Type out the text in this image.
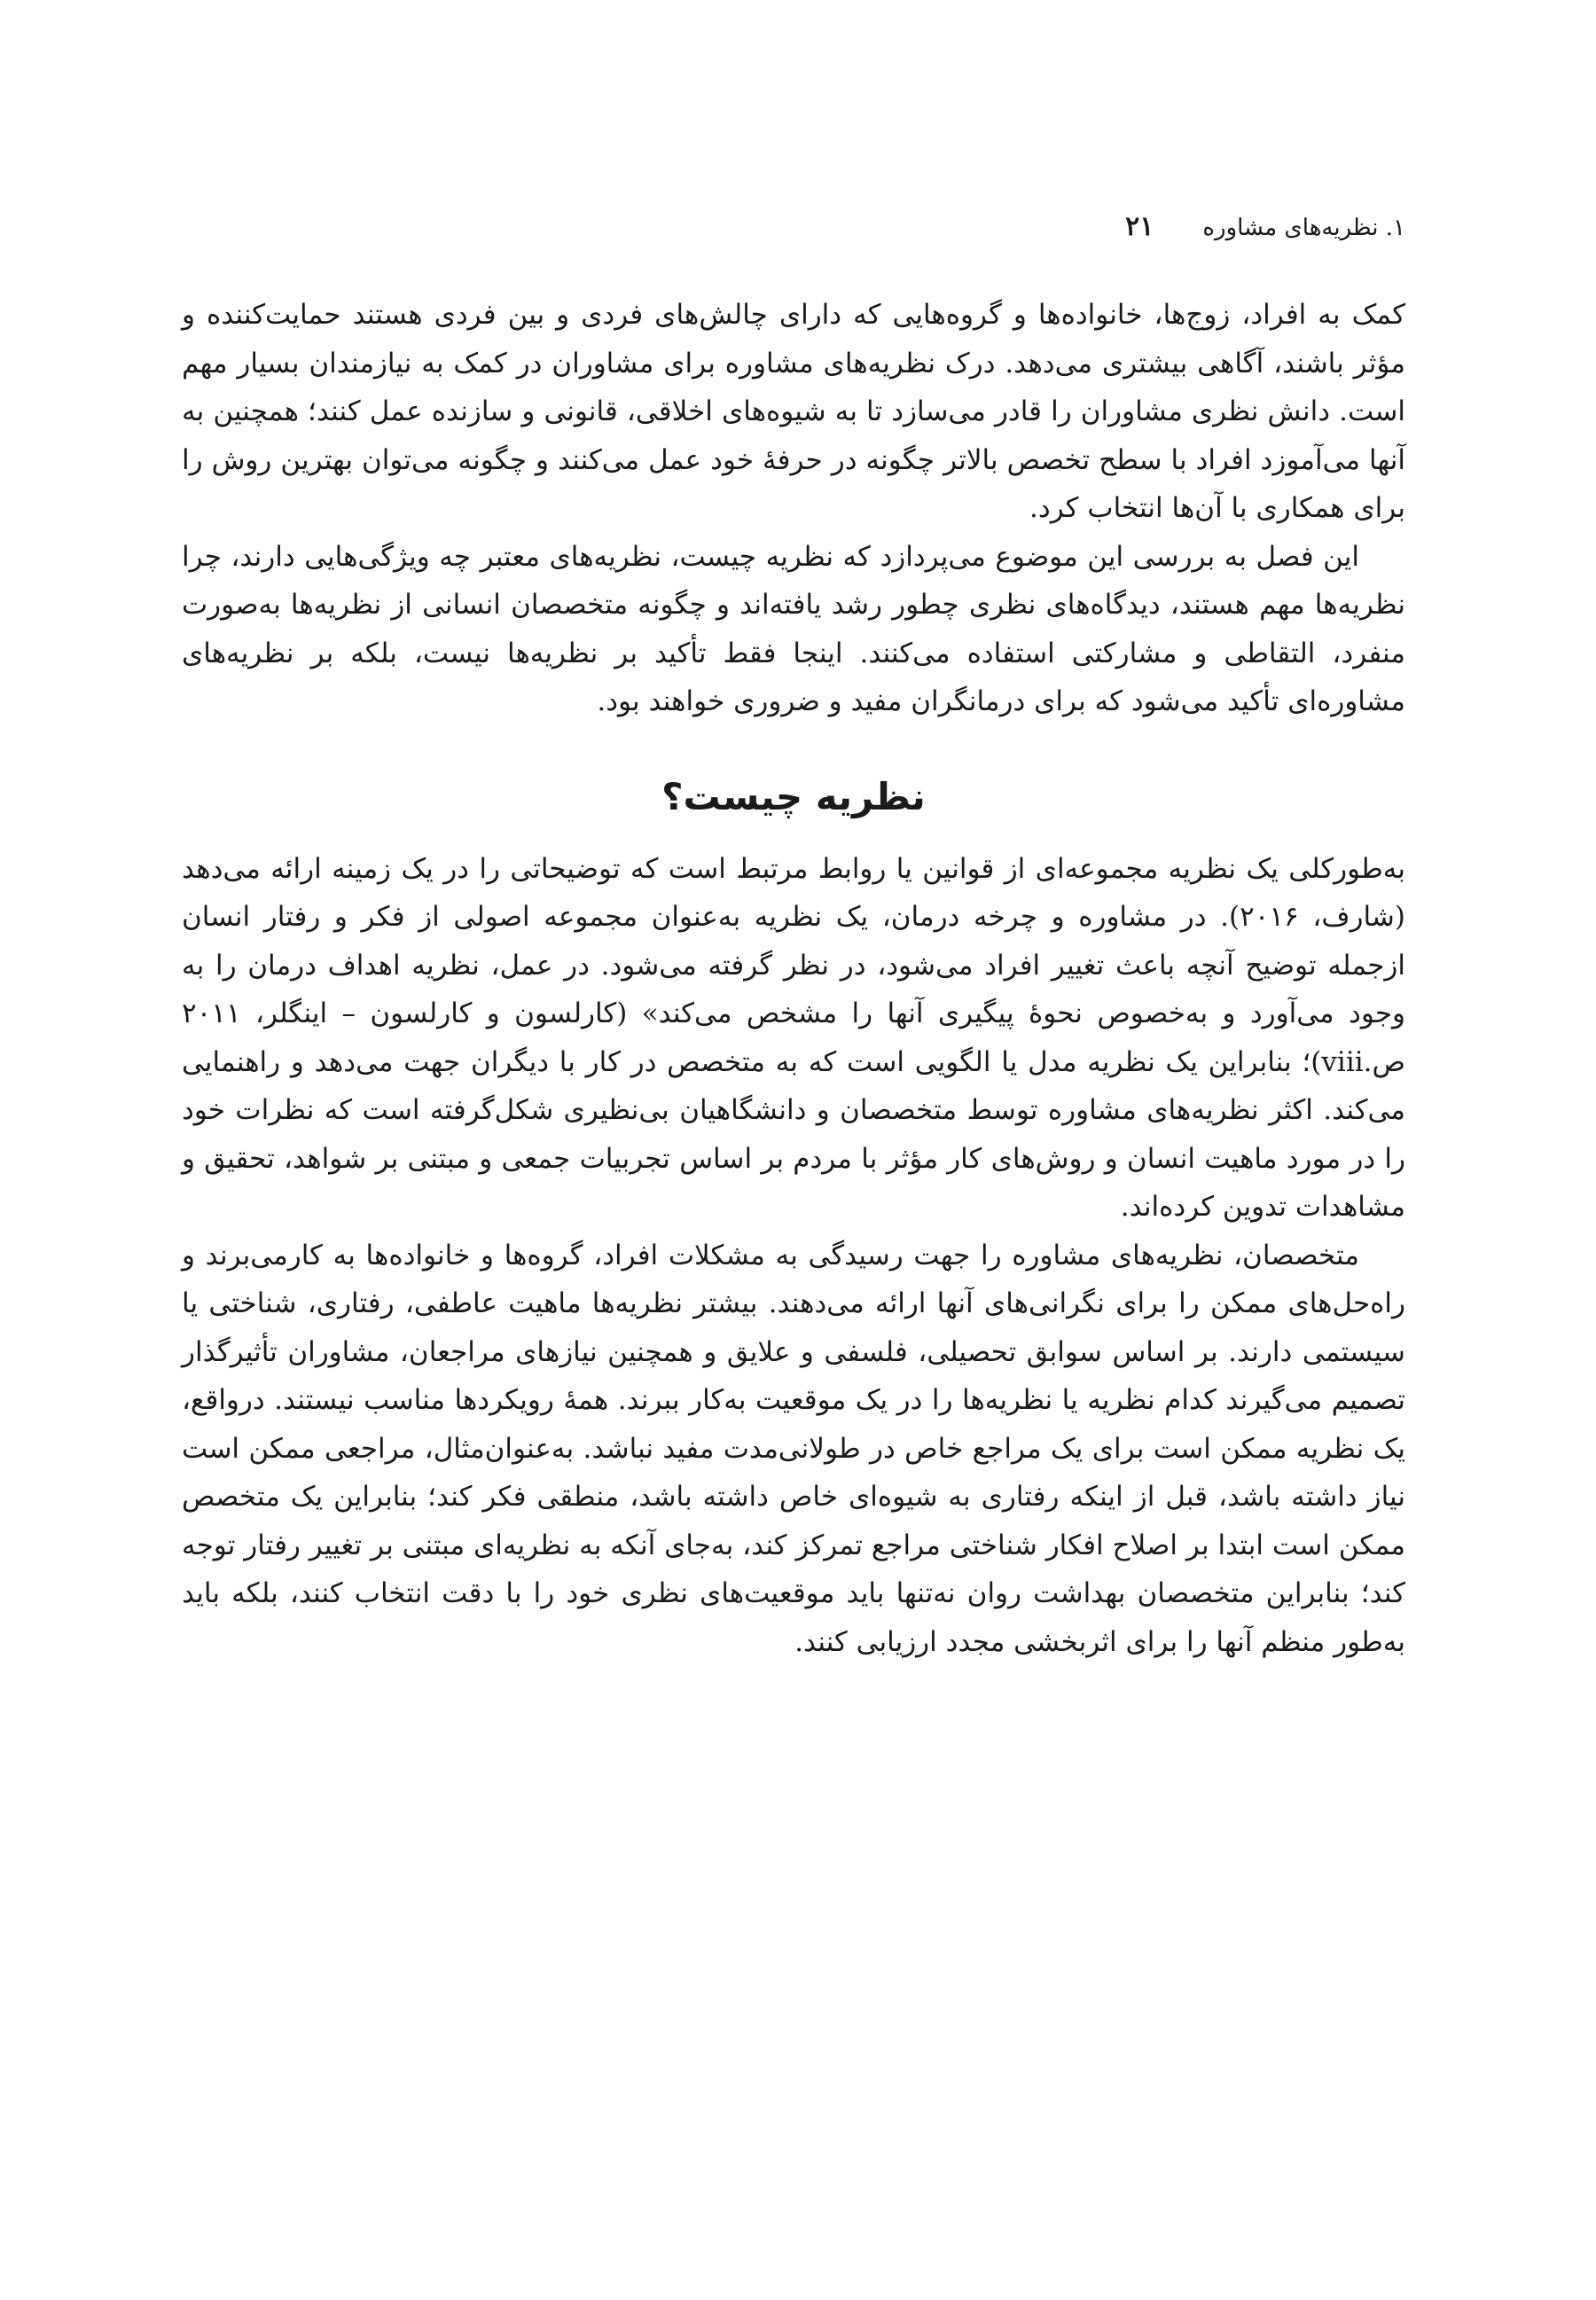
۱. نظریه‌های مشاوره
۲۱

کمک به افراد، زوج‌ها، خانواده‌ها و گروه‌هایی که دارای چالش‌های فردی و بین فردی هستند حمایت‌کننده و مؤثر باشند، آگاهی بیشتری می‌دهد. درک نظریه‌های مشاوره برای مشاوران در کمک به نیازمندان بسیار مهم است. دانش نظری مشاوران را قادر می‌سازد تا به شیوه‌های اخلاقی، قانونی و سازنده عمل کنند؛ همچنین به آنها می‌آموزد افراد با سطح تخصص بالاتر چگونه در حرفهٔ خود عمل می‌کنند و چگونه می‌توان بهترین روش را برای همکاری با آن‌ها انتخاب کرد.

این فصل به بررسی این موضوع می‌پردازد که نظریه چیست، نظریه‌های معتبر چه ویژگی‌هایی دارند، چرا نظریه‌ها مهم هستند، دیدگاه‌های نظری چطور رشد یافته‌اند و چگونه متخصصان انسانی از نظریه‌ها به‌صورت منفرد، التقاطی و مشارکتی استفاده می‌کنند. اینجا فقط تأکید بر نظریه‌ها نیست، بلکه بر نظریه‌های مشاوره‌ای تأکید می‌شود که برای درمانگران مفید و ضروری خواهند بود.

نظریه چیست؟

به‌طورکلی یک نظریه مجموعه‌ای از قوانین یا روابط مرتبط است که توضیحاتی را در یک زمینه ارائه می‌دهد (شارف، ۲۰۱۶). در مشاوره و چرخه درمان، یک نظریه به‌عنوان مجموعه اصولی از فکر و رفتار انسان ازجمله توضیح آنچه باعث تغییر افراد می‌شود، در نظر گرفته می‌شود. در عمل، نظریه اهداف درمان را به وجود می‌آورد و به‌خصوص نحوهٔ پیگیری آنها را مشخص می‌کند» (کارلسون و کارلسون – اینگلر، ۲۰۱۱ ص.viii)؛ بنابراین یک نظریه مدل یا الگویی است که به متخصص در کار با دیگران جهت می‌دهد و راهنمایی می‌کند. اکثر نظریه‌های مشاوره توسط متخصصان و دانشگاهیان بی‌نظیری شکل‌گرفته است که نظرات خود را در مورد ماهیت انسان و روش‌های کار مؤثر با مردم بر اساس تجربیات جمعی و مبتنی بر شواهد، تحقیق و مشاهدات تدوین کرده‌اند.

متخصصان، نظریه‌های مشاوره را جهت رسیدگی به مشکلات افراد، گروه‌ها و خانواده‌ها به کارمی‌برند و راه‌حل‌های ممکن را برای نگرانی‌های آنها ارائه می‌دهند. بیشتر نظریه‌ها ماهیت عاطفی، رفتاری، شناختی یا سیستمی دارند. بر اساس سوابق تحصیلی، فلسفی و علایق و همچنین نیازهای مراجعان، مشاوران تأثیرگذار تصمیم می‌گیرند کدام نظریه یا نظریه‌ها را در یک موقعیت به‌کار ببرند. همهٔ رویکردها مناسب نیستند. درواقع، یک نظریه ممکن است برای یک مراجع خاص در طولانی‌مدت مفید نباشد. به‌عنوان‌مثال، مراجعی ممکن است نیاز داشته باشد، قبل از اینکه رفتاری به شیوه‌ای خاص داشته باشد، منطقی فکر کند؛ بنابراین یک متخصص ممکن است ابتدا بر اصلاح افکار شناختی مراجع تمرکز کند، به‌جای آنکه به نظریه‌ای مبتنی بر تغییر رفتار توجه کند؛ بنابراین متخصصان بهداشت روان نه‌تنها باید موقعیت‌های نظری خود را با دقت انتخاب کنند، بلکه باید به‌طور منظم آنها را برای اثربخشی مجدد ارزیابی کنند.
